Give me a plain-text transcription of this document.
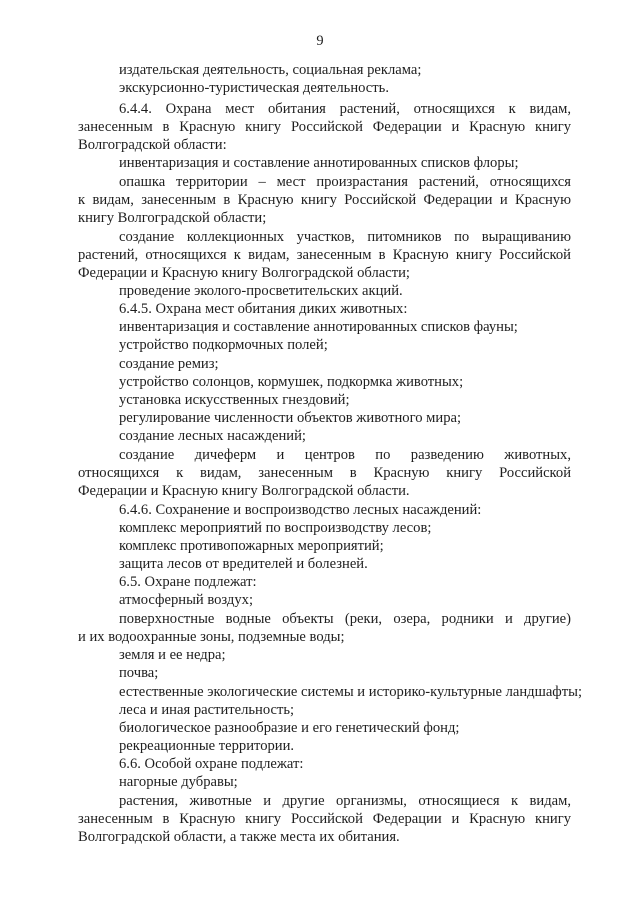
9
издательская деятельность, социальная реклама;
экскурсионно-туристическая деятельность.
6.4.4. Охрана мест обитания растений, относящихся к видам,
занесенным в Красную книгу Российской Федерации и Красную книгу
Волгоградской области:
инвентаризация и составление аннотированных списков флоры;
опашка территории – мест произрастания растений, относящихся
к видам, занесенным в Красную книгу Российской Федерации и Красную
книгу Волгоградской области;
создание коллекционных участков, питомников по выращиванию
растений, относящихся к видам, занесенным в Красную книгу Российской
Федерации и Красную книгу Волгоградской области;
проведение эколого-просветительских акций.
6.4.5. Охрана мест обитания диких животных:
инвентаризация и составление аннотированных списков фауны;
устройство подкормочных полей;
создание ремиз;
устройство солонцов, кормушек, подкормка животных;
установка искусственных гнездовий;
регулирование численности объектов животного мира;
создание лесных насаждений;
создание дичеферм и центров по разведению животных,
относящихся к видам, занесенным в Красную книгу Российской
Федерации и Красную книгу Волгоградской области.
6.4.6. Сохранение и воспроизводство лесных насаждений:
комплекс мероприятий по воспроизводству лесов;
комплекс противопожарных мероприятий;
защита лесов от вредителей и болезней.
6.5. Охране подлежат:
атмосферный воздух;
поверхностные водные объекты (реки, озера, родники и другие)
и их водоохранные зоны, подземные воды;
земля и ее недра;
почва;
естественные экологические системы и историко-культурные ландшафты;
леса и иная растительность;
биологическое разнообразие и его генетический фонд;
рекреационные территории.
6.6. Особой охране подлежат:
нагорные дубравы;
растения, животные и другие организмы, относящиеся к видам,
занесенным в Красную книгу Российской Федерации и Красную книгу
Волгоградской области, а также места их обитания.
